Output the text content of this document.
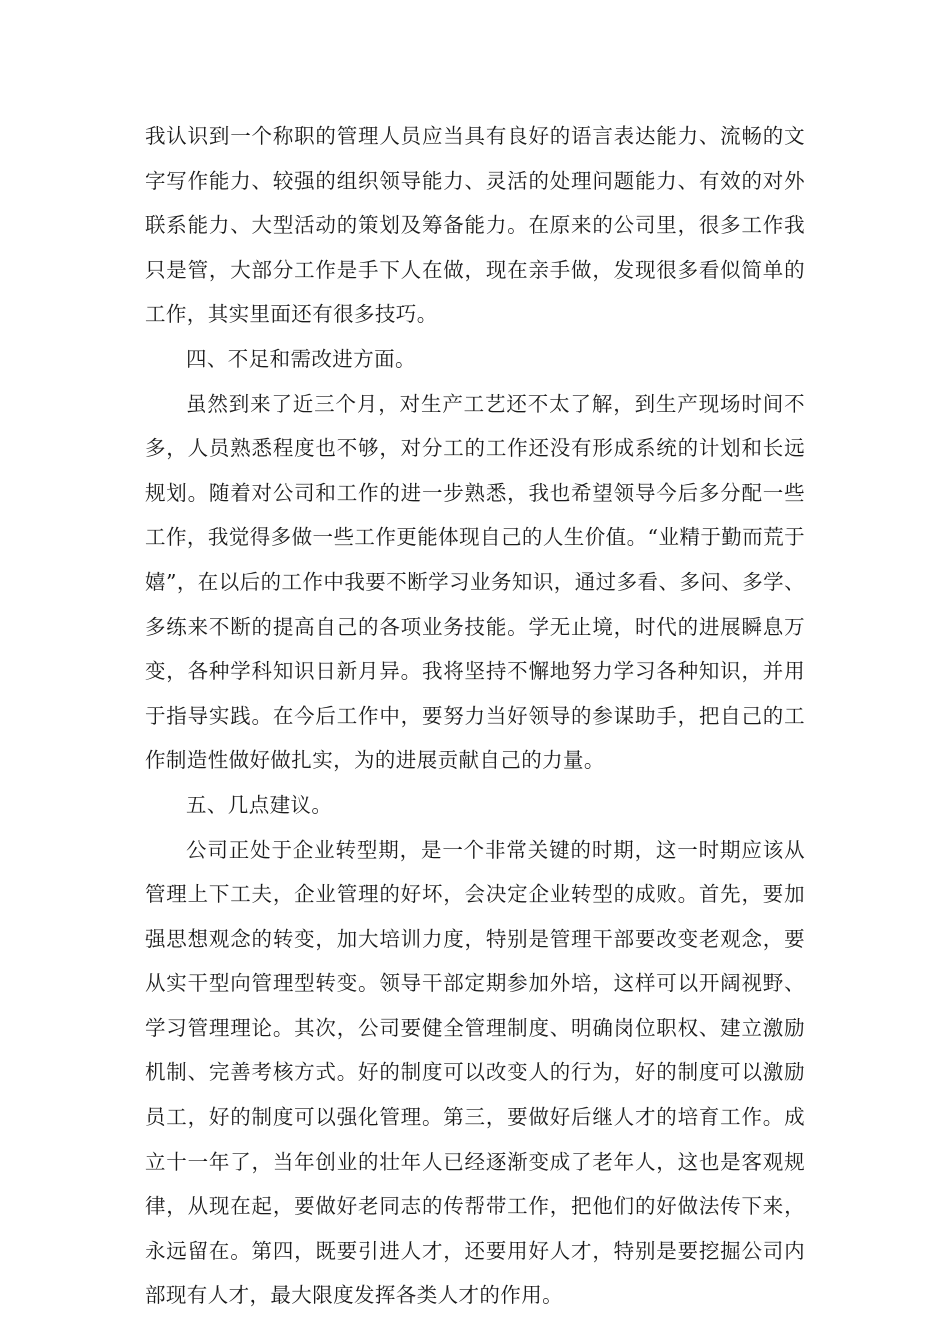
我认识到一个称职的管理人员应当具有良好的语言表达能力、流畅的文字写作能力、较强的组织领导能力、灵活的处理问题能力、有效的对外联系能力、大型活动的策划及筹备能力。在原来的公司里，很多工作我只是管，大部分工作是手下人在做，现在亲手做，发现很多看似简单的工作，其实里面还有很多技巧。

四、不足和需改进方面。

虽然到来了近三个月，对生产工艺还不太了解，到生产现场时间不多，人员熟悉程度也不够，对分工的工作还没有形成系统的计划和长远规划。随着对公司和工作的进一步熟悉，我也希望领导今后多分配一些工作，我觉得多做一些工作更能体现自己的人生价值。“业精于勤而荒于嬉”，在以后的工作中我要不断学习业务知识，通过多看、多问、多学、多练来不断的提高自己的各项业务技能。学无止境，时代的进展瞬息万变，各种学科知识日新月异。我将坚持不懈地努力学习各种知识，并用于指导实践。在今后工作中，要努力当好领导的参谋助手，把自己的工作制造性做好做扎实，为的进展贡献自己的力量。

五、几点建议。

公司正处于企业转型期，是一个非常关键的时期，这一时期应该从管理上下工夫，企业管理的好坏，会决定企业转型的成败。首先，要加强思想观念的转变，加大培训力度，特别是管理干部要改变老观念，要从实干型向管理型转变。领导干部定期参加外培，这样可以开阔视野、学习管理理论。其次，公司要健全管理制度、明确岗位职权、建立激励机制、完善考核方式。好的制度可以改变人的行为，好的制度可以激励员工，好的制度可以强化管理。第三，要做好后继人才的培育工作。成立十一年了，当年创业的壮年人已经逐渐变成了老年人，这也是客观规律，从现在起，要做好老同志的传帮带工作，把他们的好做法传下来，永远留在。第四，既要引进人才，还要用好人才，特别是要挖掘公司内部现有人才，最大限度发挥各类人才的作用。
